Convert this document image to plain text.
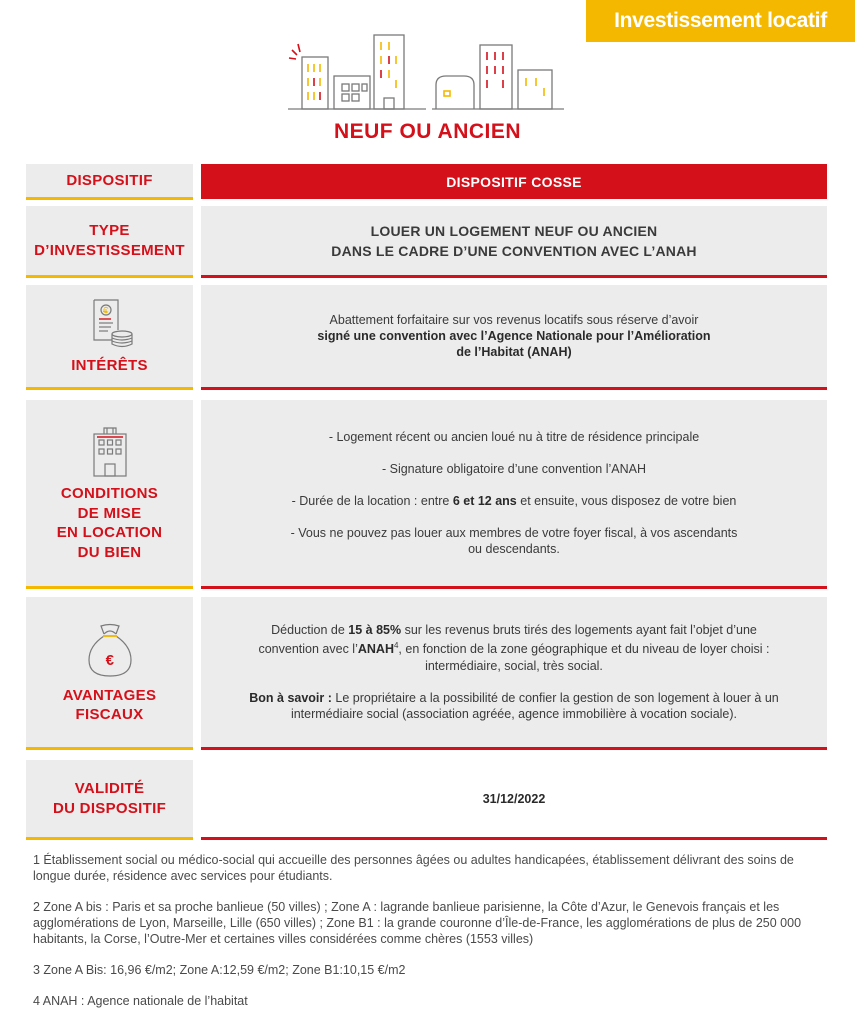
Investissement locatif
NEUF OU ANCIEN
DISPOSITIF	DISPOSITIF COSSE
TYPE
D’INVESTISSEMENT
LOUER UN LOGEMENT NEUF OU ANCIEN
DANS LE CADRE D’UNE CONVENTION AVEC L’ANAH
INTÉRÊTS
Abattement forfaitaire sur vos revenus locatifs sous réserve d’avoir
signé une convention avec l’Agence Nationale pour l’Amélioration
de l’Habitat (ANAH)
CONDITIONS
DE MISE
EN LOCATION
DU BIEN

- Logement récent ou ancien loué nu à titre de résidence principale

- Signature obligatoire d’une convention l’ANAH

- Durée de la location : entre 6 et 12 ans et ensuite, vous disposez de votre bien

- Vous ne pouvez pas louer aux membres de votre foyer fiscal, à vos ascendants
ou descendants.

€
AVANTAGES
FISCAUX

Déduction de 15 à 85% sur les revenus bruts tirés des logements ayant fait l’objet d’une
convention avec l’ANAH$^4$, en fonction de la zone géographique et du niveau de loyer choisi :
intermédiaire, social, très social.

Bon à savoir : Le propriétaire a la possibilité de confier la gestion de son logement à louer à un
intermédiaire social (association agréée, agence immobilière à vocation sociale).

VALIDITÉ
DU DISPOSITIF
31/12/2022

1 Établissement social ou médico-social qui accueille des personnes âgées ou adultes handicapées, établissement délivrant des soins de longue durée, résidence avec services pour étudiants.

2 Zone A bis : Paris et sa proche banlieue (50 villes) ; Zone A : lagrande banlieue parisienne, la Côte d’Azur, le Genevois français et les agglomérations de Lyon, Marseille, Lille (650 villes) ; Zone B1 : la grande couronne d’Île-de-France, les agglomérations de plus de 250 000 habitants, la Corse, l’Outre-Mer et certaines villes considérées comme chères (1553 villes)

3 Zone A Bis: 16,96 €/m2; Zone A:12,59 €/m2; Zone B1:10,15 €/m2

4 ANAH : Agence nationale de l’habitat
